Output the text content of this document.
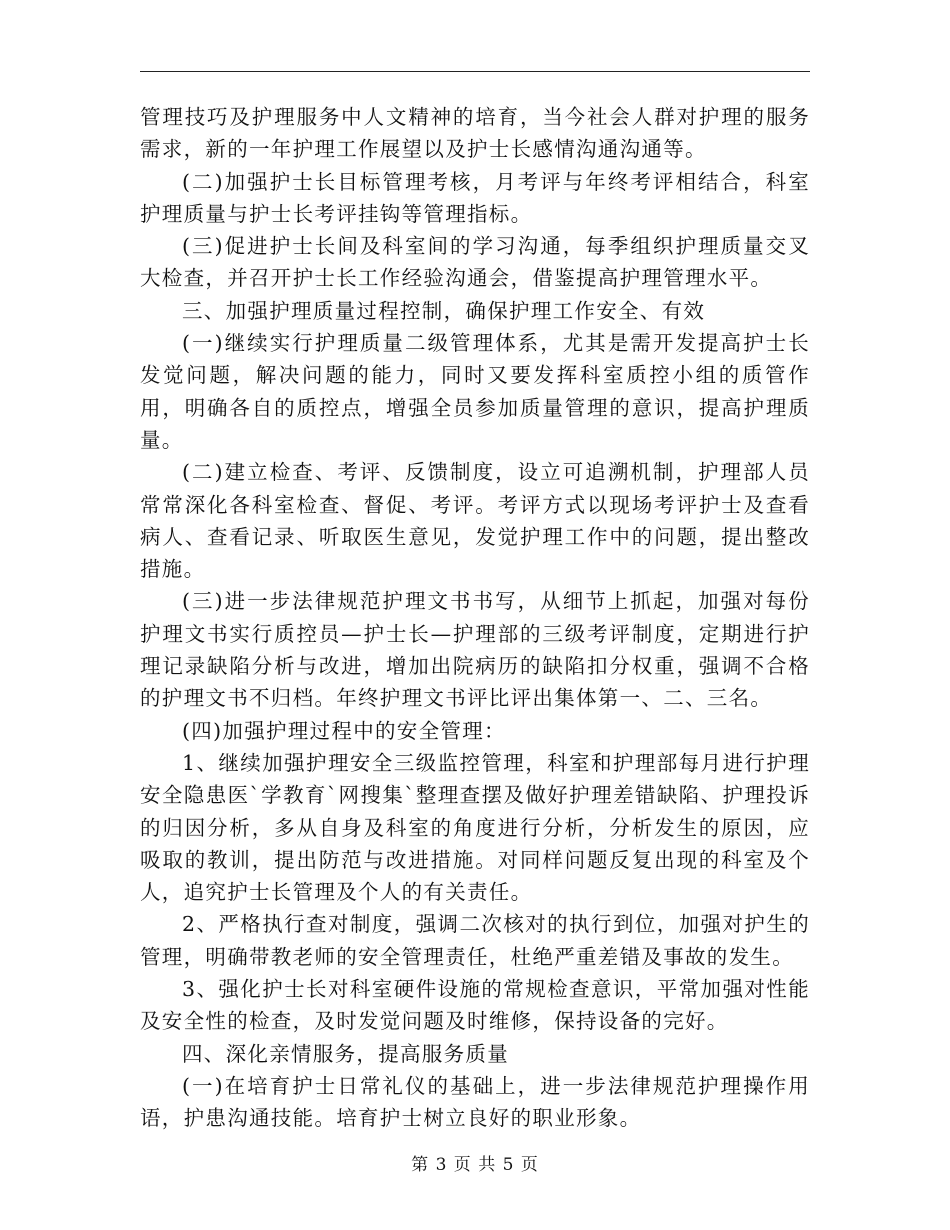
管理技巧及护理服务中人文精神的培育，当今社会人群对护理的服务需求，新的一年护理工作展望以及护士长感情沟通沟通等。

(二)加强护士长目标管理考核，月考评与年终考评相结合，科室护理质量与护士长考评挂钩等管理指标。

(三)促进护士长间及科室间的学习沟通，每季组织护理质量交叉大检查，并召开护士长工作经验沟通会，借鉴提高护理管理水平。

三、加强护理质量过程控制，确保护理工作安全、有效

(一)继续实行护理质量二级管理体系，尤其是需开发提高护士长发觉问题，解决问题的能力，同时又要发挥科室质控小组的质管作用，明确各自的质控点，增强全员参加质量管理的意识，提高护理质量。

(二)建立检查、考评、反馈制度，设立可追溯机制，护理部人员常常深化各科室检查、督促、考评。考评方式以现场考评护士及查看病人、查看记录、听取医生意见，发觉护理工作中的问题，提出整改措施。

(三)进一步法律规范护理文书书写，从细节上抓起，加强对每份护理文书实行质控员—护士长—护理部的三级考评制度，定期进行护理记录缺陷分析与改进，增加出院病历的缺陷扣分权重，强调不合格的护理文书不归档。年终护理文书评比评出集体第一、二、三名。

(四)加强护理过程中的安全管理：

1、继续加强护理安全三级监控管理，科室和护理部每月进行护理安全隐患医`学教育`网搜集`整理查摆及做好护理差错缺陷、护理投诉的归因分析，多从自身及科室的角度进行分析，分析发生的原因，应吸取的教训，提出防范与改进措施。对同样问题反复出现的科室及个人，追究护士长管理及个人的有关责任。

2、严格执行查对制度，强调二次核对的执行到位，加强对护生的管理，明确带教老师的安全管理责任，杜绝严重差错及事故的发生。

3、强化护士长对科室硬件设施的常规检查意识，平常加强对性能及安全性的检查，及时发觉问题及时维修，保持设备的完好。

四、深化亲情服务，提高服务质量

(一)在培育护士日常礼仪的基础上，进一步法律规范护理操作用语，护患沟通技能。培育护士树立良好的职业形象。

第 3 页 共 5 页
